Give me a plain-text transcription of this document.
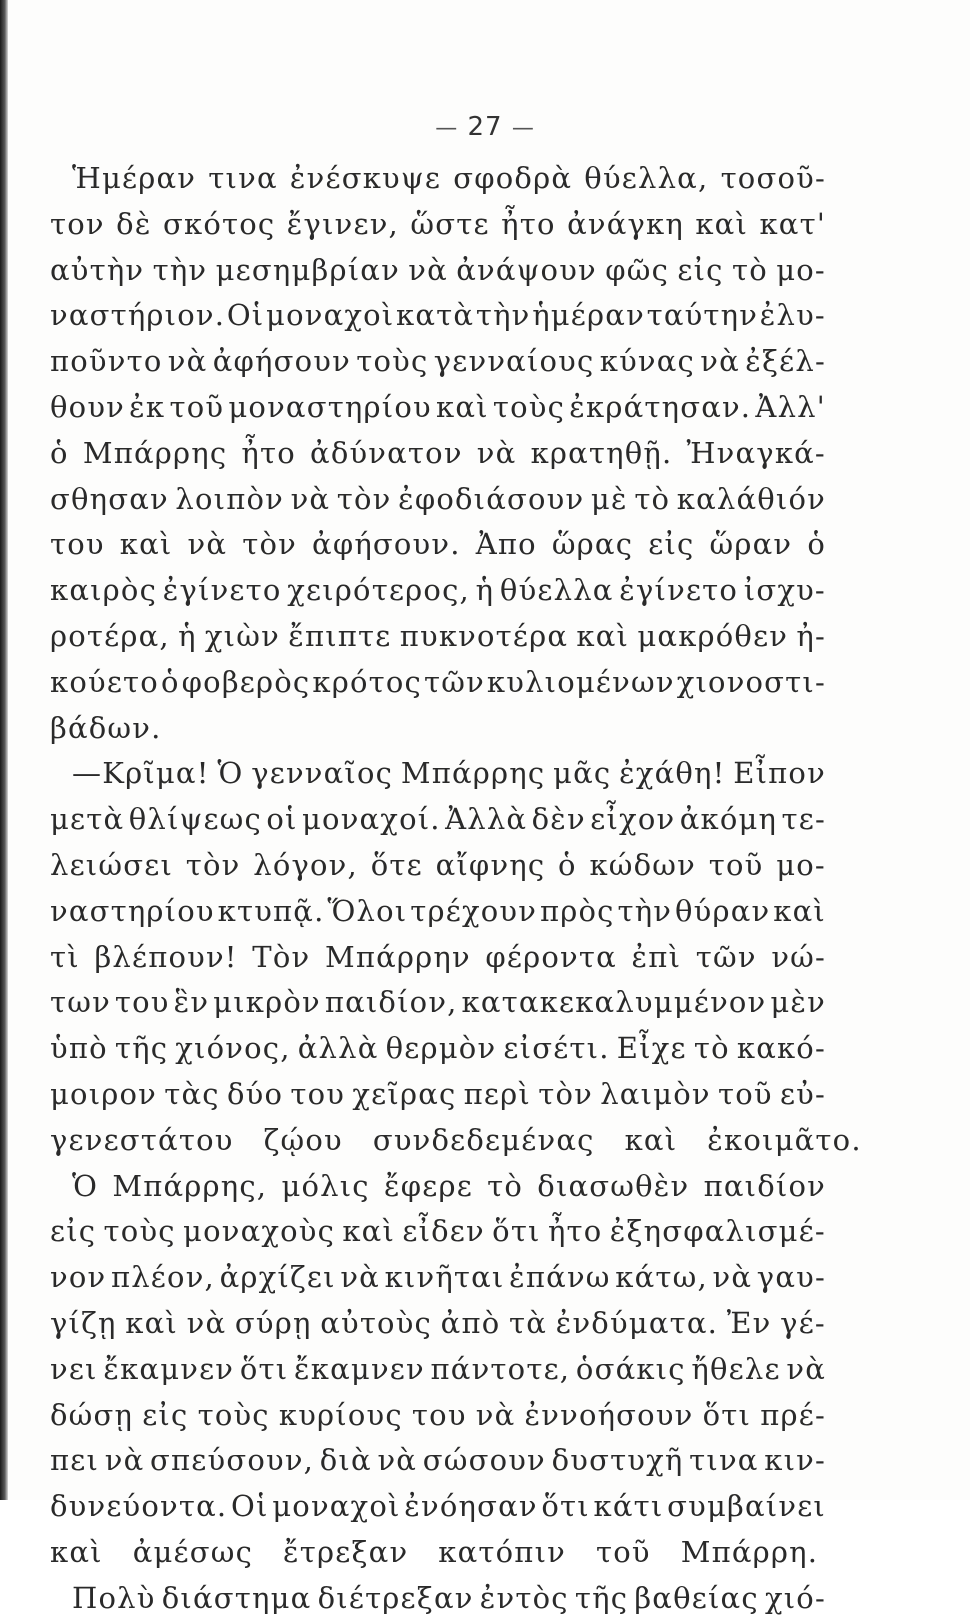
— 27 —
Ἡμέραν τινα ἐνέσκυψε σφοδρὰ θύελλα, τοσοῦ-
τον δὲ σκότος ἔγινεν, ὥστε ἦτο ἀνάγκη καὶ κατ'
αὐτὴν τὴν μεσημβρίαν νὰ ἀνάψουν φῶς εἰς τὸ μο-
ναστήριον. Οἱ μοναχοὶ κατὰ τὴν ἡμέραν ταύτην ἐλυ-
ποῦντο νὰ ἀφήσουν τοὺς γενναίους κύνας νὰ ἐξέλ-
θουν ἐκ τοῦ μοναστηρίου καὶ τοὺς ἐκράτησαν. Ἀλλ'
ὁ Μπάρρης ἦτο ἀδύνατον νὰ κρατηθῇ. Ἠναγκά-
σθησαν λοιπὸν νὰ τὸν ἐφοδιάσουν μὲ τὸ καλάθιόν
του καὶ νὰ τὸν ἀφήσουν. Ἀπο ὥρας εἰς ὥραν ὁ
καιρὸς ἐγίνετο χειρότερος, ἡ θύελλα ἐγίνετο ἰσχυ-
ροτέρα, ἡ χιὼν ἔπιπτε πυκνοτέρα καὶ μακρόθεν ἠ-
κούετο ὁ φοβερὸς κρότος τῶν κυλιομένων χιονοστι-
βάδων.
—Κρῖμα! Ὁ γενναῖος Μπάρρης μᾶς ἐχάθη! Εἶπον
μετὰ θλίψεως οἱ μοναχοί. Ἀλλὰ δὲν εἶχον ἀκόμη τε-
λειώσει τὸν λόγον, ὅτε αἴφνης ὁ κώδων τοῦ μο-
ναστηρίου κτυπᾷ. Ὅλοι τρέχουν πρὸς τὴν θύραν καὶ
τὶ βλέπουν! Τὸν Μπάρρην φέροντα ἐπὶ τῶν νώ-
των του ἓν μικρὸν παιδίον, κατακεκαλυμμένον μὲν
ὑπὸ τῆς χιόνος, ἀλλὰ θερμὸν εἰσέτι. Εἶχε τὸ κακό-
μοιρον τὰς δύο του χεῖρας περὶ τὸν λαιμὸν τοῦ εὐ-
γενεστάτου ζῴου συνδεδεμένας καὶ ἐκοιμᾶτο.
Ὁ Μπάρρης, μόλις ἔφερε τὸ διασωθὲν παιδίον
εἰς τοὺς μοναχοὺς καὶ εἶδεν ὅτι ἦτο ἐξησφαλισμέ-
νον πλέον, ἀρχίζει νὰ κινῆται ἐπάνω κάτω, νὰ γαυ-
γίζῃ καὶ νὰ σύρῃ αὐτοὺς ἀπὸ τὰ ἐνδύματα. Ἐν γέ-
νει ἔκαμνεν ὅτι ἔκαμνεν πάντοτε, ὁσάκις ἤθελε νὰ
δώσῃ εἰς τοὺς κυρίους του νὰ ἐννοήσουν ὅτι πρέ-
πει νὰ σπεύσουν, διὰ νὰ σώσουν δυστυχῆ τινα κιν-
δυνεύοντα. Οἱ μοναχοὶ ἐνόησαν ὅτι κάτι συμβαίνει
καὶ ἀμέσως ἔτρεξαν κατόπιν τοῦ Μπάρρη.
Πολὺ διάστημα διέτρεξαν ἐντὸς τῆς βαθείας χιό-
